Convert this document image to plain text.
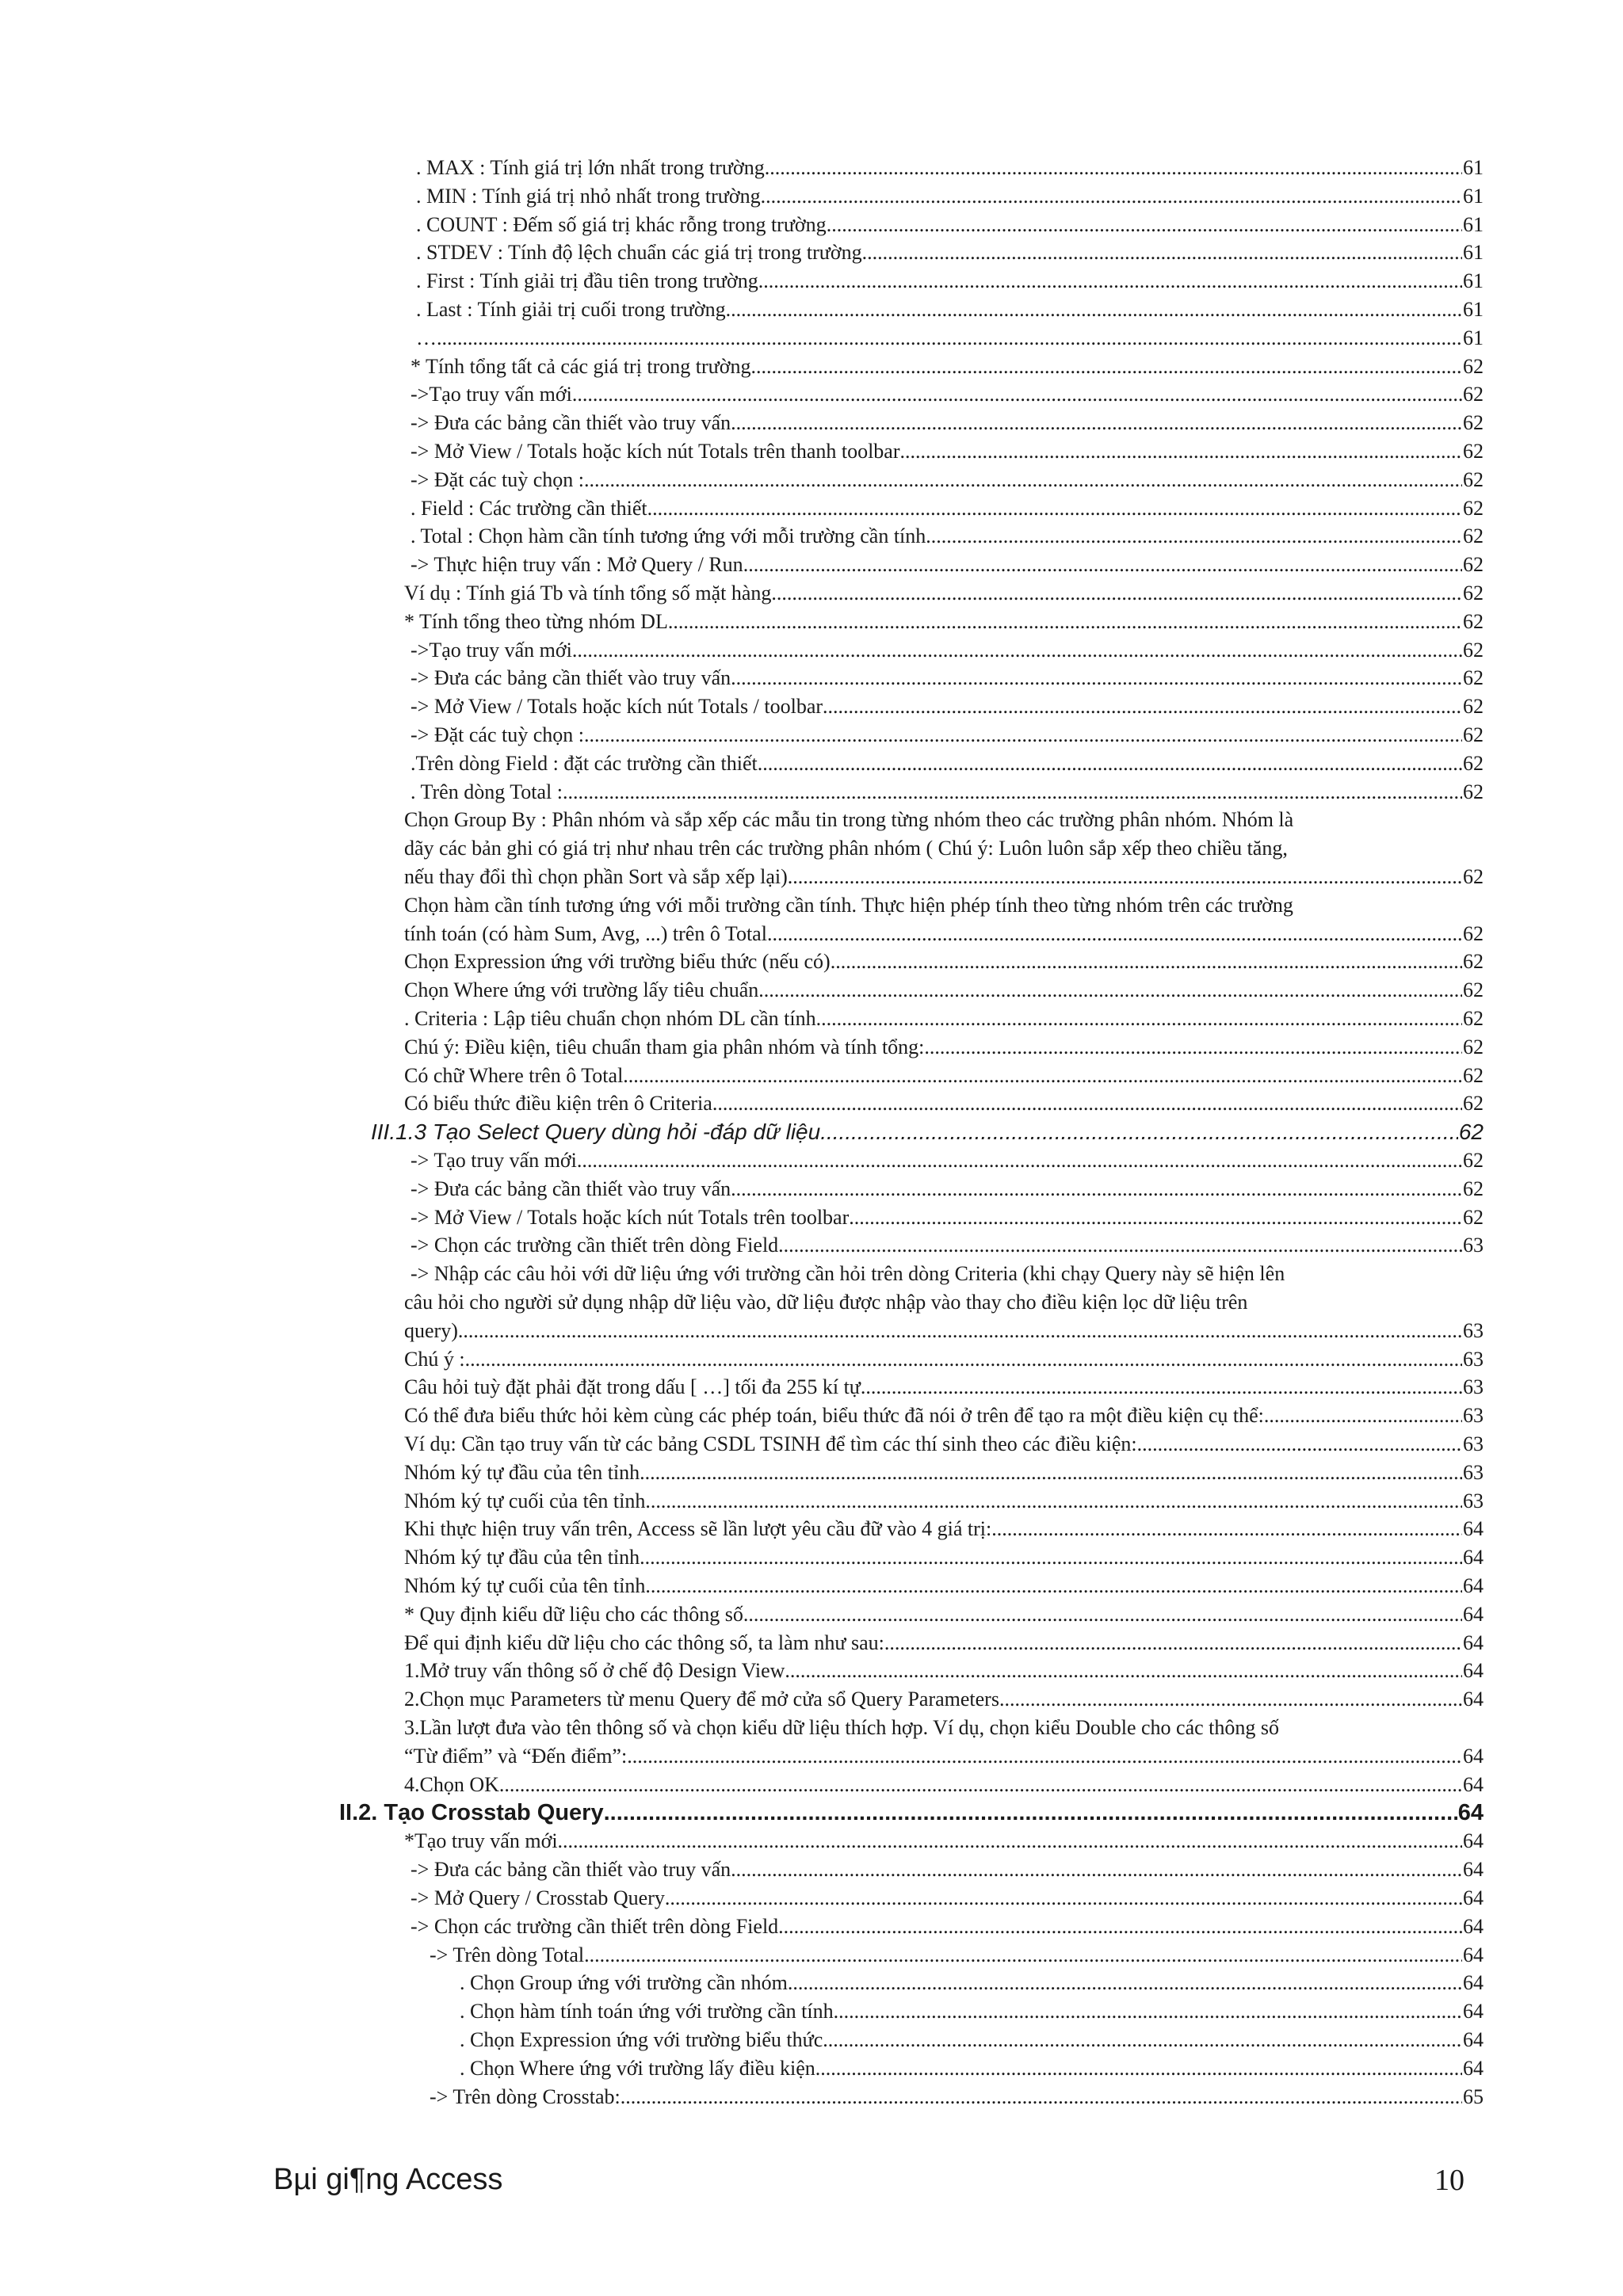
. MAX : Tính giá trị lớn nhất trong trường .....	61
. MIN : Tính giá trị nhỏ nhất trong trường .....	61
. COUNT : Đếm số giá trị khác rỗng trong trường .....	61
. STDEV : Tính độ lệch chuẩn các giá trị trong trường .....	61
. First : Tính giải trị đầu tiên trong trường .....	61
. Last : Tính giải trị cuối trong trường .....	61
… .....	61
* Tính tổng tất cả các giá trị trong trường .....	62
->Tạo truy vấn mới .....	62
-> Đưa các bảng cần thiết vào truy vấn .....	62
-> Mở View / Totals hoặc kích nút Totals trên thanh toolbar .....	62
-> Đặt các tuỳ chọn : .....	62
. Field : Các trường cần thiết .....	62
. Total : Chọn hàm cần tính tương ứng với mỗi trường cần tính .....	62
-> Thực hiện truy vấn : Mở Query / Run .....	62
Ví dụ : Tính giá Tb và tính tổng số mặt hàng .....	62
* Tính tổng theo từng nhóm DL .....	62
->Tạo truy vấn mới .....	62
-> Đưa các bảng cần thiết vào truy vấn .....	62
-> Mở View / Totals hoặc kích nút Totals / toolbar .....	62
-> Đặt các tuỳ chọn : .....	62
.Trên dòng Field : đặt các trường cần thiết .....	62
. Trên dòng Total : .....	62
Chọn Group By : Phân nhóm và sắp xếp các mẫu tin trong từng nhóm theo các trường phân nhóm. Nhóm là
dãy các bản ghi có giá trị như nhau trên các trường phân nhóm ( Chú ý: Luôn luôn sắp xếp theo chiều tăng,
nếu thay đổi thì chọn phần Sort và sắp xếp lại) .....	62
Chọn hàm cần tính tương ứng với mỗi trường cần tính. Thực hiện phép tính theo từng nhóm trên các trường
tính toán (có hàm Sum, Avg, ...) trên ô Total .....	62
Chọn Expression ứng với trường biểu thức (nếu có) .....	62
Chọn Where ứng với trường lấy tiêu chuẩn .....	62
. Criteria : Lập tiêu chuẩn chọn nhóm DL cần tính .....	62
Chú ý: Điều kiện, tiêu chuẩn tham gia phân nhóm và tính tổng: .....	62
Có chữ Where trên ô Total .....	62
Có biểu thức điều kiện trên ô Criteria .....	62
III.1.3 Tạo Select Query dùng hỏi -đáp dữ liệu .....	62
-> Tạo truy vấn mới .....	62
-> Đưa các bảng cần thiết vào truy vấn .....	62
-> Mở View / Totals hoặc kích nút Totals trên toolbar .....	62
-> Chọn các trường cần thiết trên dòng Field .....	63
-> Nhập các câu hỏi với dữ liệu ứng với trường cần hỏi trên dòng Criteria (khi chạy Query này sẽ hiện lên
câu hỏi cho người sử dụng nhập dữ liệu vào, dữ liệu được nhập vào thay cho điều kiện lọc dữ liệu trên
query) .....	63
Chú ý : .....	63
Câu hỏi tuỳ đặt phải đặt trong dấu [ …] tối đa 255 kí tự .....	63
Có thể đưa biểu thức hỏi kèm cùng các phép toán, biểu thức đã nói ở trên để tạo ra một điều kiện cụ thể: .....	63
Ví dụ: Cần tạo truy vấn từ các bảng CSDL TSINH để tìm các thí sinh theo các điều kiện: .....	63
Nhóm ký tự đầu của tên tỉnh .....	63
Nhóm ký tự cuối của tên tỉnh .....	63
Khi thực hiện truy vấn trên, Access sẽ lần lượt yêu cầu đữ vào 4 giá trị: .....	64
Nhóm ký tự đầu của tên tỉnh .....	64
Nhóm ký tự cuối của tên tỉnh .....	64
* Quy định kiểu dữ liệu cho các thông số .....	64
Để qui định kiểu dữ liệu cho các thông số, ta làm như sau: .....	64
1.Mở truy vấn thông số ở chế độ Design View .....	64
2.Chọn mục Parameters từ menu Query để mở cửa sổ Query Parameters .....	64
3.Lần lượt đưa vào tên thông số và chọn kiểu dữ liệu thích hợp. Ví dụ, chọn kiểu Double cho các thông số
“Từ điểm” và “Đến điểm”: .....	64
4.Chọn OK .....	64
II.2. Tạo Crosstab Query .....	64
*Tạo truy vấn mới .....	64
-> Đưa các bảng cần thiết vào truy vấn .....	64
-> Mở Query / Crosstab Query .....	64
-> Chọn các trường cần thiết trên dòng Field .....	64
-> Trên dòng Total .....	64
. Chọn Group ứng với trường cần nhóm .....	64
. Chọn hàm tính toán ứng với trường cần tính .....	64
. Chọn Expression ứng với trường biểu thức .....	64
. Chọn Where ứng với trường lấy điều kiện .....	64
-> Trên dòng Crosstab: .....	65
Bµi gi¶ng Access	10
